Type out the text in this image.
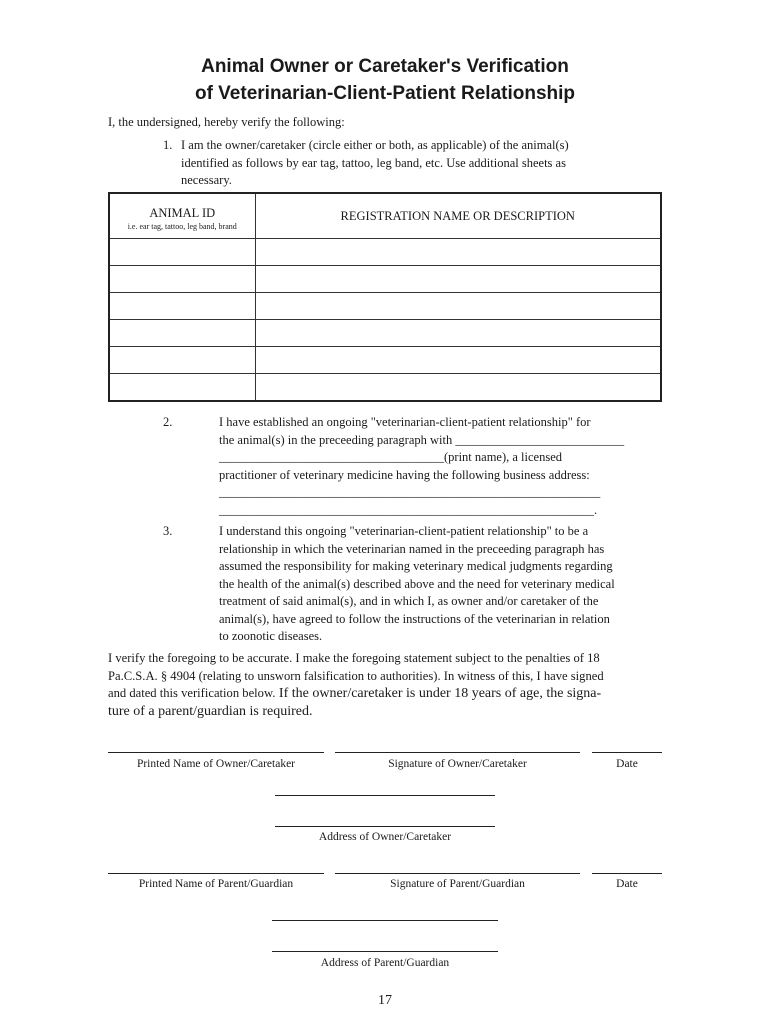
Animal Owner or Caretaker's Verification
of Veterinarian-Client-Patient Relationship
I, the undersigned, hereby verify the following:
1. I am the owner/caretaker (circle either or both, as applicable) of the animal(s)
identified as follows by ear tag, tattoo, leg band, etc. Use additional sheets as
necessary.
ANIMAL ID
i.e. ear tag, tattoo, leg band, brand	REGISTRATION NAME OR DESCRIPTION

2.	I have established an ongoing "veterinarian-client-patient relationship" for
the animal(s) in the preceeding paragraph with ___________________________
____________________________________(print name), a licensed
practitioner of veterinary medicine having the following business address:
_____________________________________________________________
____________________________________________________________.
3.	I understand this ongoing "veterinarian-client-patient relationship" to be a
relationship in which the veterinarian named in the preceeding paragraph has
assumed the responsibility for making veterinary medical judgments regarding
the health of the animal(s) described above and the need for veterinary medical
treatment of said animal(s), and in which I, as owner and/or caretaker of the
animal(s), have agreed to follow the instructions of the veterinarian in relation
to zoonotic diseases.
I verify the foregoing to be accurate. I make the foregoing statement subject to the penalties of 18
Pa.C.S.A. § 4904 (relating to unsworn falsification to authorities). In witness of this, I have signed
and dated this verification below. If the owner/caretaker is under 18 years of age, the signa-
ture of a parent/guardian is required.
Printed Name of Owner/Caretaker	Signature of Owner/Caretaker	Date
Address of Owner/Caretaker
Printed Name of Parent/Guardian	Signature of Parent/Guardian	Date
Address of Parent/Guardian
17
